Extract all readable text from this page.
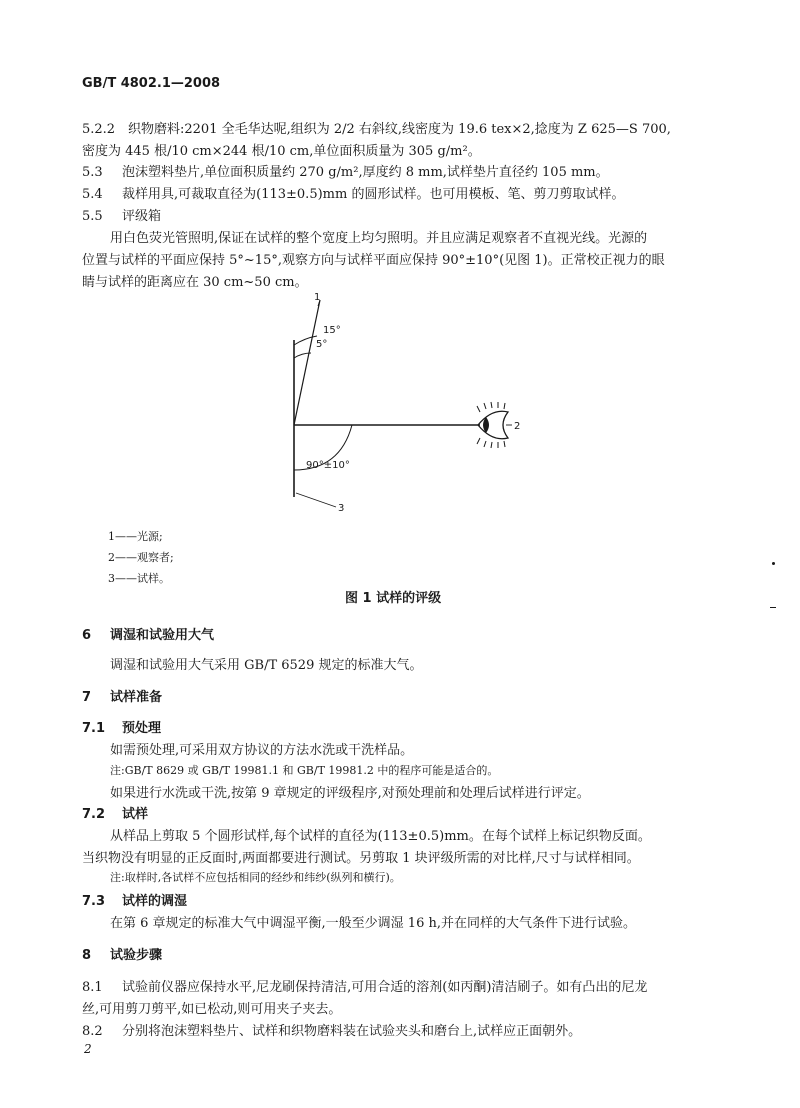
GB/T 4802.1—2008
5.2.2 织物磨料:2201 全毛华达呢,组织为 2/2 右斜纹,线密度为 19.6 tex×2,捻度为 Z 625—S 700,
密度为 445 根/10 cm×244 根/10 cm,单位面积质量为 305 g/m²。
5.3 泡沫塑料垫片,单位面积质量约 270 g/m²,厚度约 8 mm,试样垫片直径约 105 mm。
5.4 裁样用具,可裁取直径为(113±0.5)mm 的圆形试样。也可用模板、笔、剪刀剪取试样。
5.5 评级箱
用白色荧光管照明,保证在试样的整个宽度上均匀照明。并且应满足观察者不直视光线。光源的
位置与试样的平面应保持 5°~15°,观察方向与试样平面应保持 90°±10°(见图 1)。正常校正视力的眼
睛与试样的距离应在 30 cm~50 cm。
1
2
3
15°
5°
90°±10°
1——光源;
2——观察者;
3——试样。
图 1 试样的评级
6 调湿和试验用大气
调湿和试验用大气采用 GB/T 6529 规定的标准大气。
7 试样准备
7.1 预处理
如需预处理,可采用双方协议的方法水洗或干洗样品。
注:GB/T 8629 或 GB/T 19981.1 和 GB/T 19981.2 中的程序可能是适合的。
如果进行水洗或干洗,按第 9 章规定的评级程序,对预处理前和处理后试样进行评定。
7.2 试样
从样品上剪取 5 个圆形试样,每个试样的直径为(113±0.5)mm。在每个试样上标记织物反面。
当织物没有明显的正反面时,两面都要进行测试。另剪取 1 块评级所需的对比样,尺寸与试样相同。
注:取样时,各试样不应包括相同的经纱和纬纱(纵列和横行)。
7.3 试样的调湿
在第 6 章规定的标准大气中调湿平衡,一般至少调湿 16 h,并在同样的大气条件下进行试验。
8 试验步骤
8.1 试验前仪器应保持水平,尼龙刷保持清洁,可用合适的溶剂(如丙酮)清洁刷子。如有凸出的尼龙
丝,可用剪刀剪平,如已松动,则可用夹子夹去。
8.2 分别将泡沫塑料垫片、试样和织物磨料装在试验夹头和磨台上,试样应正面朝外。
2
